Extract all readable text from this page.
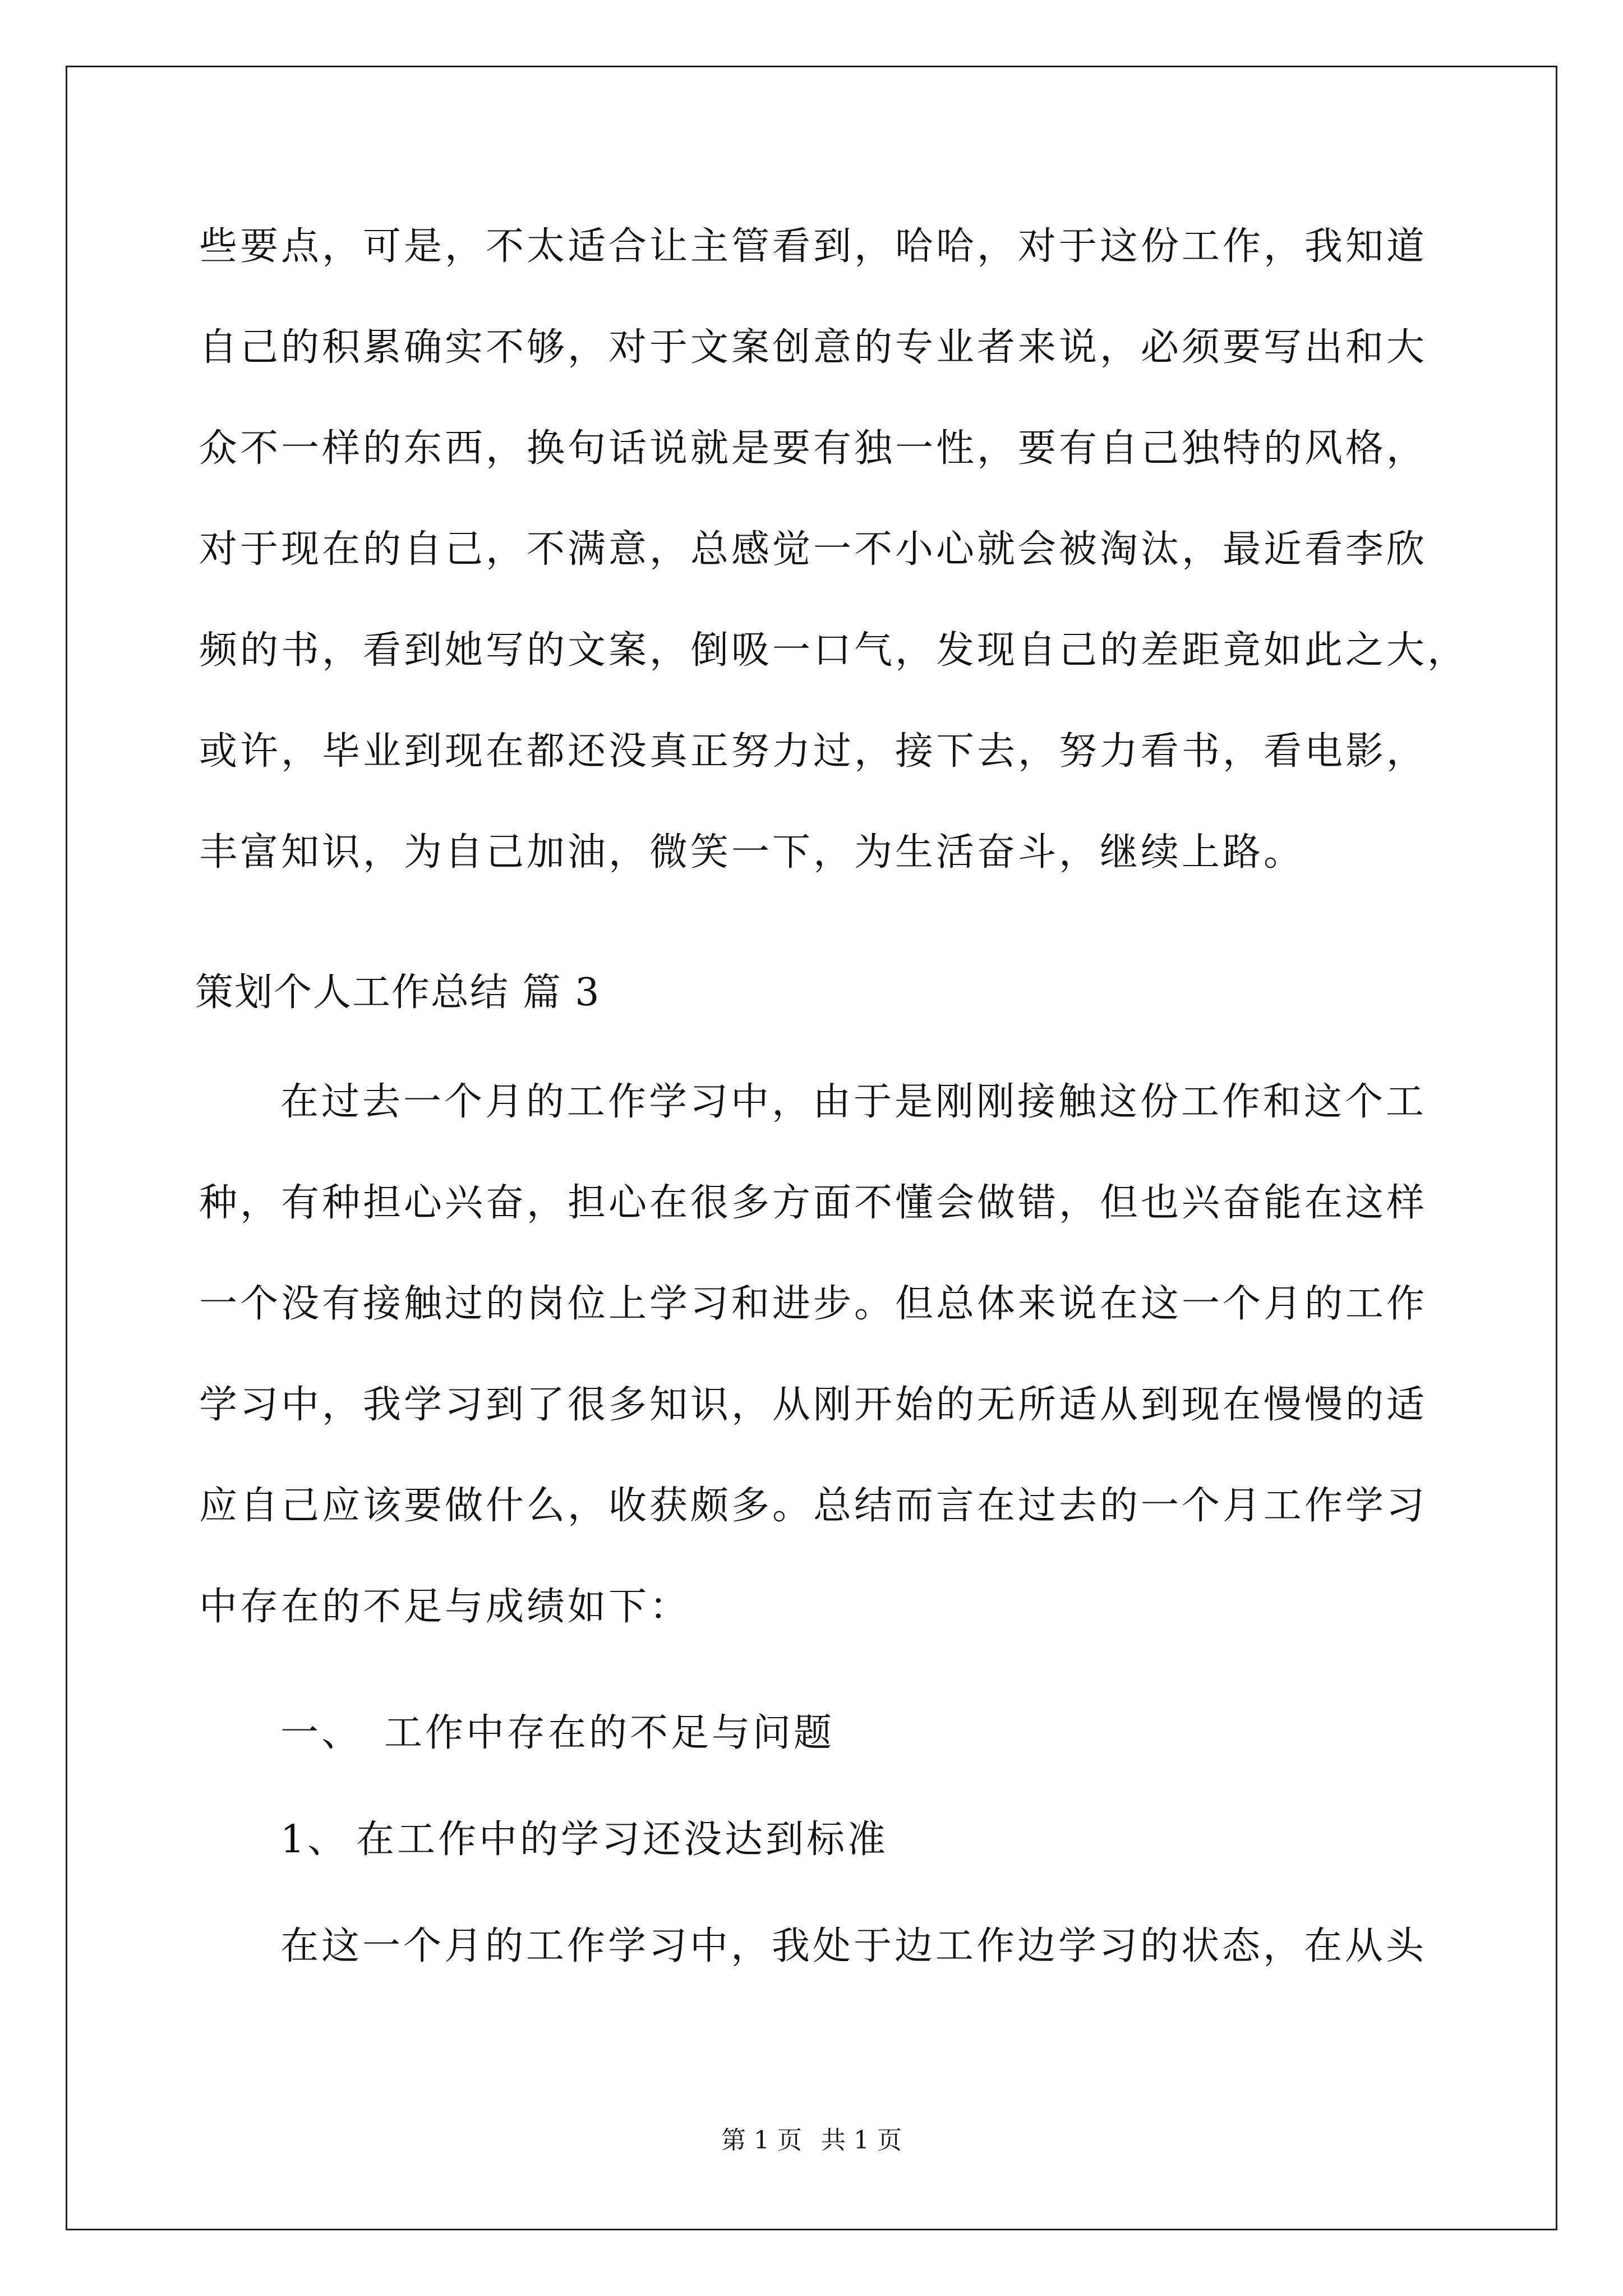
些要点，可是，不太适合让主管看到，哈哈，对于这份工作，我知道
自己的积累确实不够，对于文案创意的专业者来说，必须要写出和大
众不一样的东西，换句话说就是要有独一性，要有自己独特的风格，
对于现在的自己，不满意，总感觉一不小心就会被淘汰，最近看李欣
频的书，看到她写的文案，倒吸一口气，发现自己的差距竟如此之大，
或许，毕业到现在都还没真正努力过，接下去，努力看书，看电影，
丰富知识，为自己加油，微笑一下，为生活奋斗，继续上路。
策划个人工作总结 篇 3
在过去一个月的工作学习中，由于是刚刚接触这份工作和这个工
种，有种担心兴奋，担心在很多方面不懂会做错，但也兴奋能在这样
一个没有接触过的岗位上学习和进步。但总体来说在这一个月的工作
学习中，我学习到了很多知识，从刚开始的无所适从到现在慢慢的适
应自己应该要做什么，收获颇多。总结而言在过去的一个月工作学习
中存在的不足与成绩如下：
一、 工作中存在的不足与问题
1、 在工作中的学习还没达到标准
在这一个月的工作学习中，我处于边工作边学习的状态，在从头
第 1 页 共 1 页
